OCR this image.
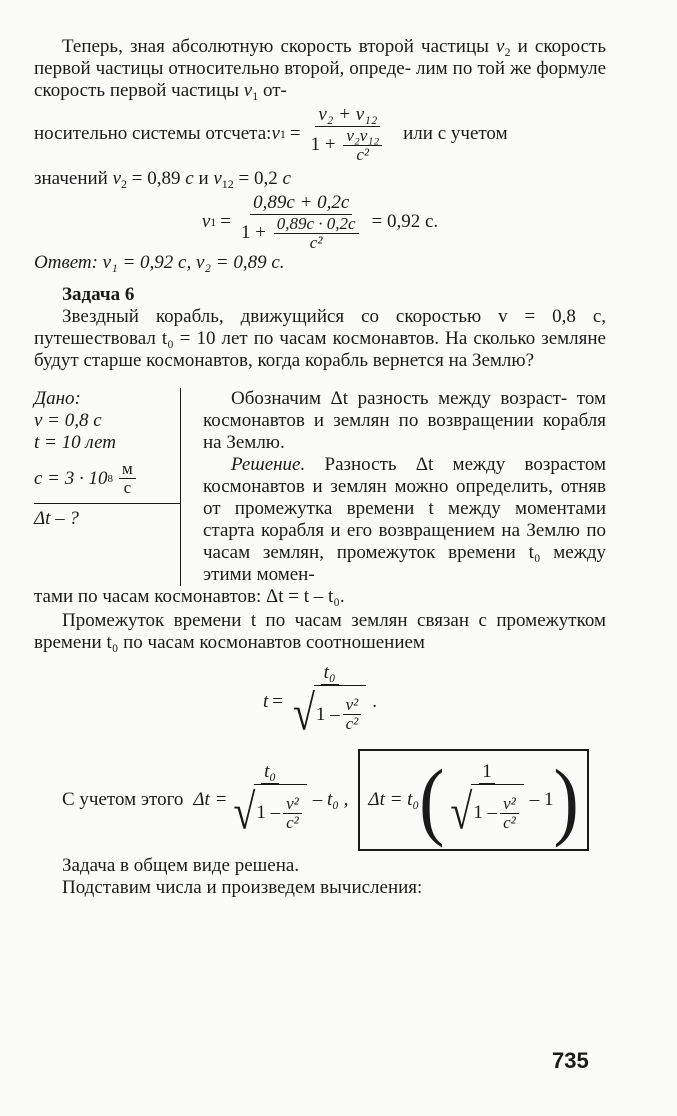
Теперь, зная абсолютную скорость второй частицы $v_2$ и скорость первой частицы относительно второй, опреде- лим по той же формуле скорость первой частицы $v_1$ от-

носительно системы отсчета: v $1 = \frac{\text{v₂ + v₁₂}}{1 + \frac{\text{v₂v₁₂}}{\text{c²}}}$ или с учетом

значений $v_2 = 0,89$ c и $v_{12} = 0,2$ c

v $1 = \frac{0,89c + 0,2c}{1 + \frac{0,89c \cdot 0,2c}{\text{c²}}} = 0,92$ c.

Ответ: v₁ = 0,92 c, v₂ = 0,89 c.

Задача 6

Звездный корабль, движущийся со скоростью v = 0,8 c, путешествовал t₀ = 10 лет по часам космонавтов. На сколько земляне будут старше космонавтов, когда корабль вернется на Землю?

Дано:
v = 0,8 c
t = 10 лет
c = 3 · 10 $8 \frac{м}{с}$
Δt – ?

Обозначим Δt разность между возраст- том космонавтов и землян по возвращении корабля на Землю.

Решение. Разность Δt между возрастом космонавтов и землян можно определить, отняв от промежутка времени t между моментами старта корабля и его возвращением на Землю по часам землян, промежуток времени t₀ между этими момен-

тами по часам космонавтов: Δt = t – t₀.

Промежуток времени t по часам землян связан с промежутком времени t₀ по часам космонавтов соотношением

t =
t₀
√ $1 - \frac{\text{v²}}{\text{c²}}$ .
С учетом этого Δt =
t₀
√ $1 - \frac{\text{v²}}{\text{c²}} - t_0$ , Δt = t₀ ( 1
√ $1 - \frac{\text{v²}}{\text{c²}} - 1$ )

Задача в общем виде решена.

Подставим числа и произведем вычисления:

735
